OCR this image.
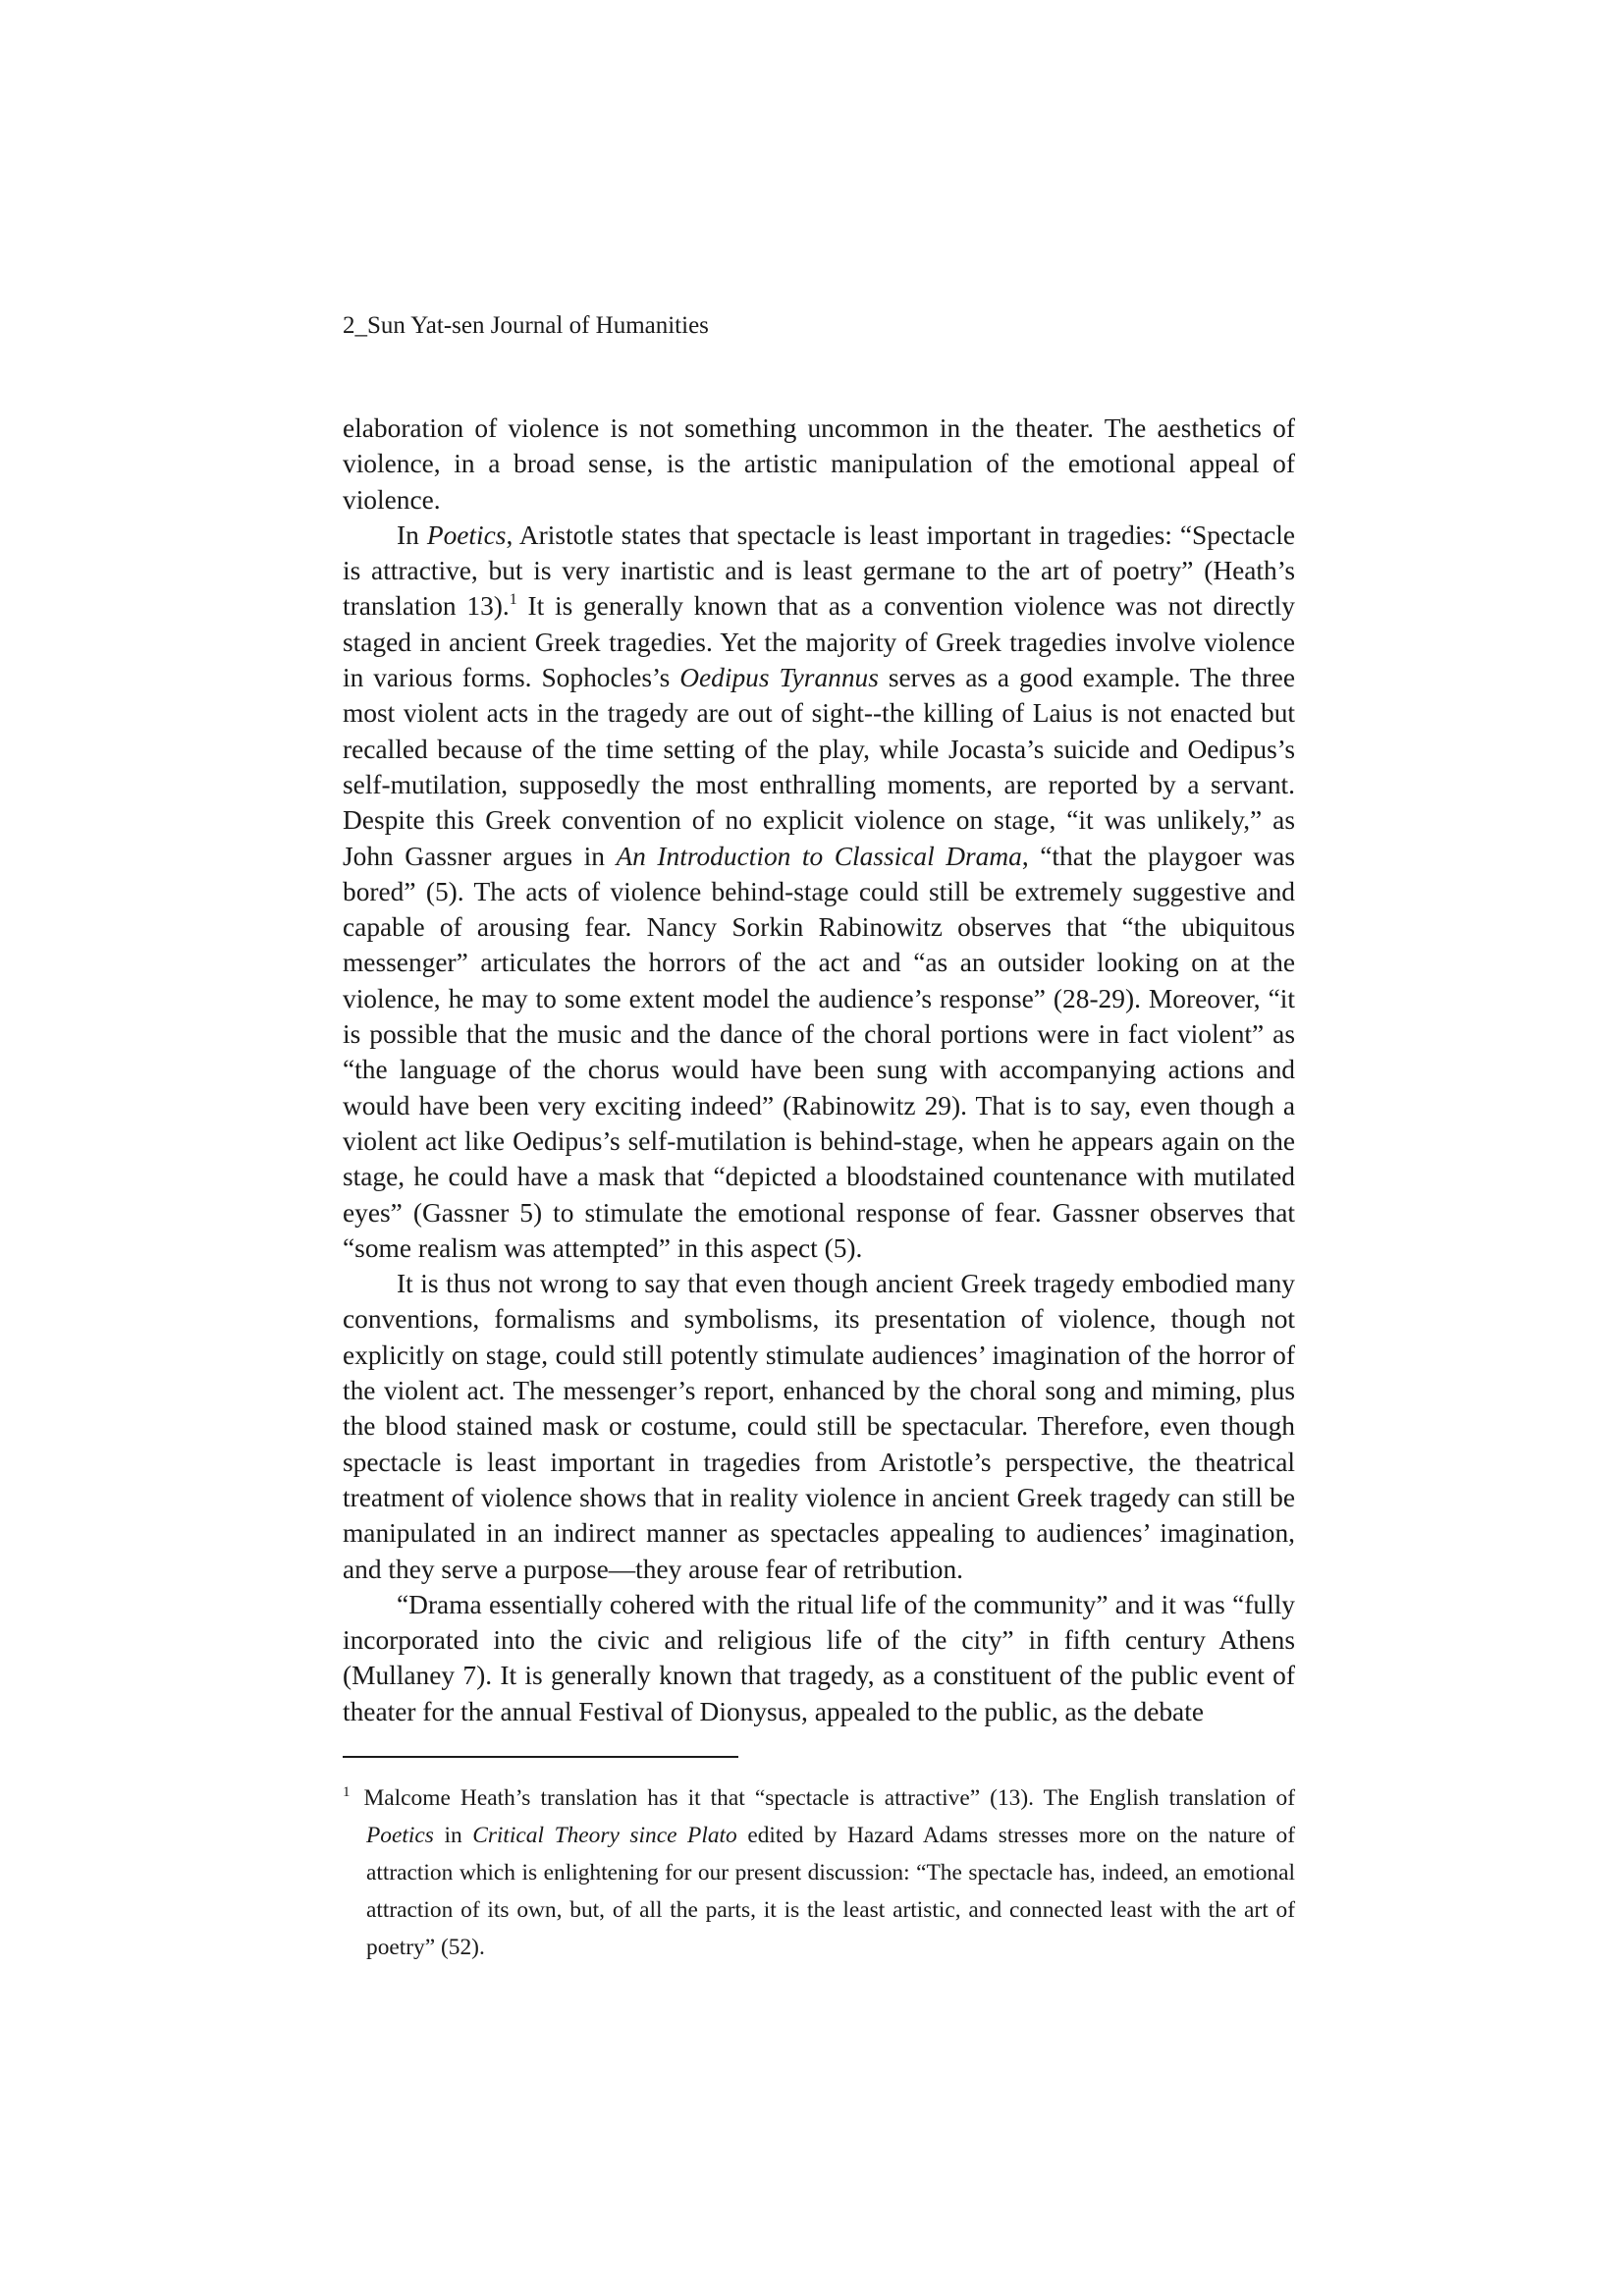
2_Sun Yat-sen Journal of Humanities

elaboration of violence is not something uncommon in the theater. The aesthetics of violence, in a broad sense, is the artistic manipulation of the emotional appeal of violence.

In Poetics, Aristotle states that spectacle is least important in tragedies: “Spectacle is attractive, but is very inartistic and is least germane to the art of poetry” (Heath’s translation 13).$^1$ It is generally known that as a convention violence was not directly staged in ancient Greek tragedies. Yet the majority of Greek tragedies involve violence in various forms. Sophocles’s Oedipus Tyrannus serves as a good example. The three most violent acts in the tragedy are out of sight--the killing of Laius is not enacted but recalled because of the time setting of the play, while Jocasta’s suicide and Oedipus’s self-mutilation, supposedly the most enthralling moments, are reported by a servant. Despite this Greek convention of no explicit violence on stage, “it was unlikely,” as John Gassner argues in An Introduction to Classical Drama, “that the playgoer was bored” (5). The acts of violence behind-stage could still be extremely suggestive and capable of arousing fear. Nancy Sorkin Rabinowitz observes that “the ubiquitous messenger” articulates the horrors of the act and “as an outsider looking on at the violence, he may to some extent model the audience’s response” (28-29). Moreover, “it is possible that the music and the dance of the choral portions were in fact violent” as “the language of the chorus would have been sung with accompanying actions and would have been very exciting indeed” (Rabinowitz 29). That is to say, even though a violent act like Oedipus’s self-mutilation is behind-stage, when he appears again on the stage, he could have a mask that “depicted a bloodstained countenance with mutilated eyes” (Gassner 5) to stimulate the emotional response of fear. Gassner observes that “some realism was attempted” in this aspect (5).

It is thus not wrong to say that even though ancient Greek tragedy embodied many conventions, formalisms and symbolisms, its presentation of violence, though not explicitly on stage, could still potently stimulate audiences’ imagination of the horror of the violent act. The messenger’s report, enhanced by the choral song and miming, plus the blood stained mask or costume, could still be spectacular. Therefore, even though spectacle is least important in tragedies from Aristotle’s perspective, the theatrical treatment of violence shows that in reality violence in ancient Greek tragedy can still be manipulated in an indirect manner as spectacles appealing to audiences’ imagination, and they serve a purpose—they arouse fear of retribution.

“Drama essentially cohered with the ritual life of the community” and it was “fully incorporated into the civic and religious life of the city” in fifth century Athens (Mullaney 7). It is generally known that tragedy, as a constituent of the public event of theater for the annual Festival of Dionysus, appealed to the public, as the debate

$^1$ Malcome Heath’s translation has it that “spectacle is attractive” (13). The English translation of Poetics in Critical Theory since Plato edited by Hazard Adams stresses more on the nature of attraction which is enlightening for our present discussion: “The spectacle has, indeed, an emotional attraction of its own, but, of all the parts, it is the least artistic, and connected least with the art of poetry” (52).
